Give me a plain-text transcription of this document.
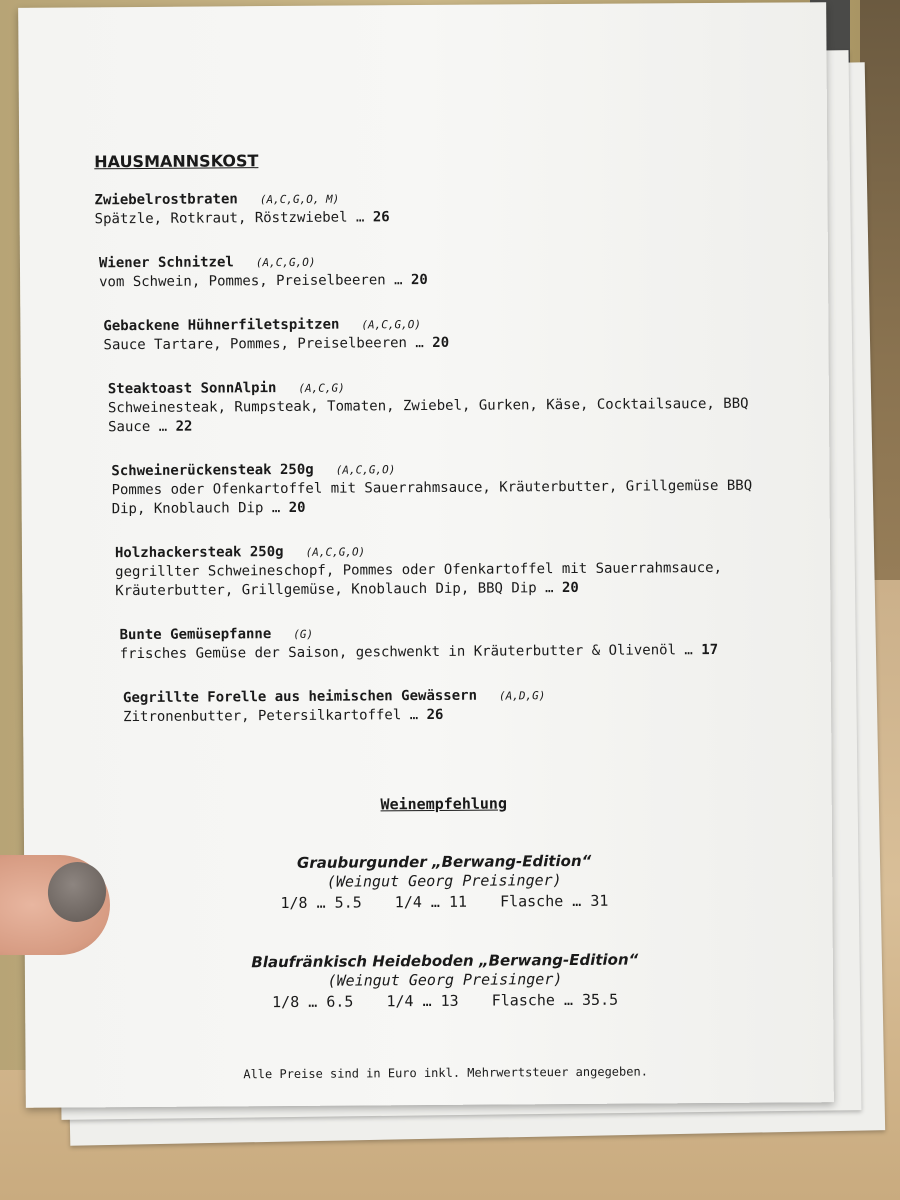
HAUSMANNSKOST
Zwiebelrostbraten (A,C,G,O, M)
Spätzle, Rotkraut, Röstzwiebel … 26
Wiener Schnitzel (A,C,G,O)
vom Schwein, Pommes, Preiselbeeren … 20
Gebackene Hühnerfiletspitzen (A,C,G,O)
Sauce Tartare, Pommes, Preiselbeeren … 20
Steaktoast SonnAlpin (A,C,G)
Schweinesteak, Rumpsteak, Tomaten, Zwiebel, Gurken, Käse, Cocktailsauce, BBQ Sauce … 22
Schweinerückensteak 250g (A,C,G,O)
Pommes oder Ofenkartoffel mit Sauerrahmsauce, Kräuterbutter, Grillgemüse BBQ Dip, Knoblauch Dip … 20
Holzhackersteak 250g (A,C,G,O)
gegrillter Schweineschopf, Pommes oder Ofenkartoffel mit Sauerrahmsauce, Kräuterbutter, Grillgemüse, Knoblauch Dip, BBQ Dip … 20
Bunte Gemüsepfanne (G)
frisches Gemüse der Saison, geschwenkt in Kräuterbutter & Olivenöl … 17
Gegrillte Forelle aus heimischen Gewässern (A,D,G)
Zitronenbutter, Petersilkartoffel … 26
Weinempfehlung
Grauburgunder „Berwang-Edition“
(Weingut Georg Preisinger)
1/8 … 5.5 1/4 … 11 Flasche … 31
Blaufränkisch Heideboden „Berwang-Edition“
(Weingut Georg Preisinger)
1/8 … 6.5 1/4 … 13 Flasche … 35.5
Alle Preise sind in Euro inkl. Mehrwertsteuer angegeben.
